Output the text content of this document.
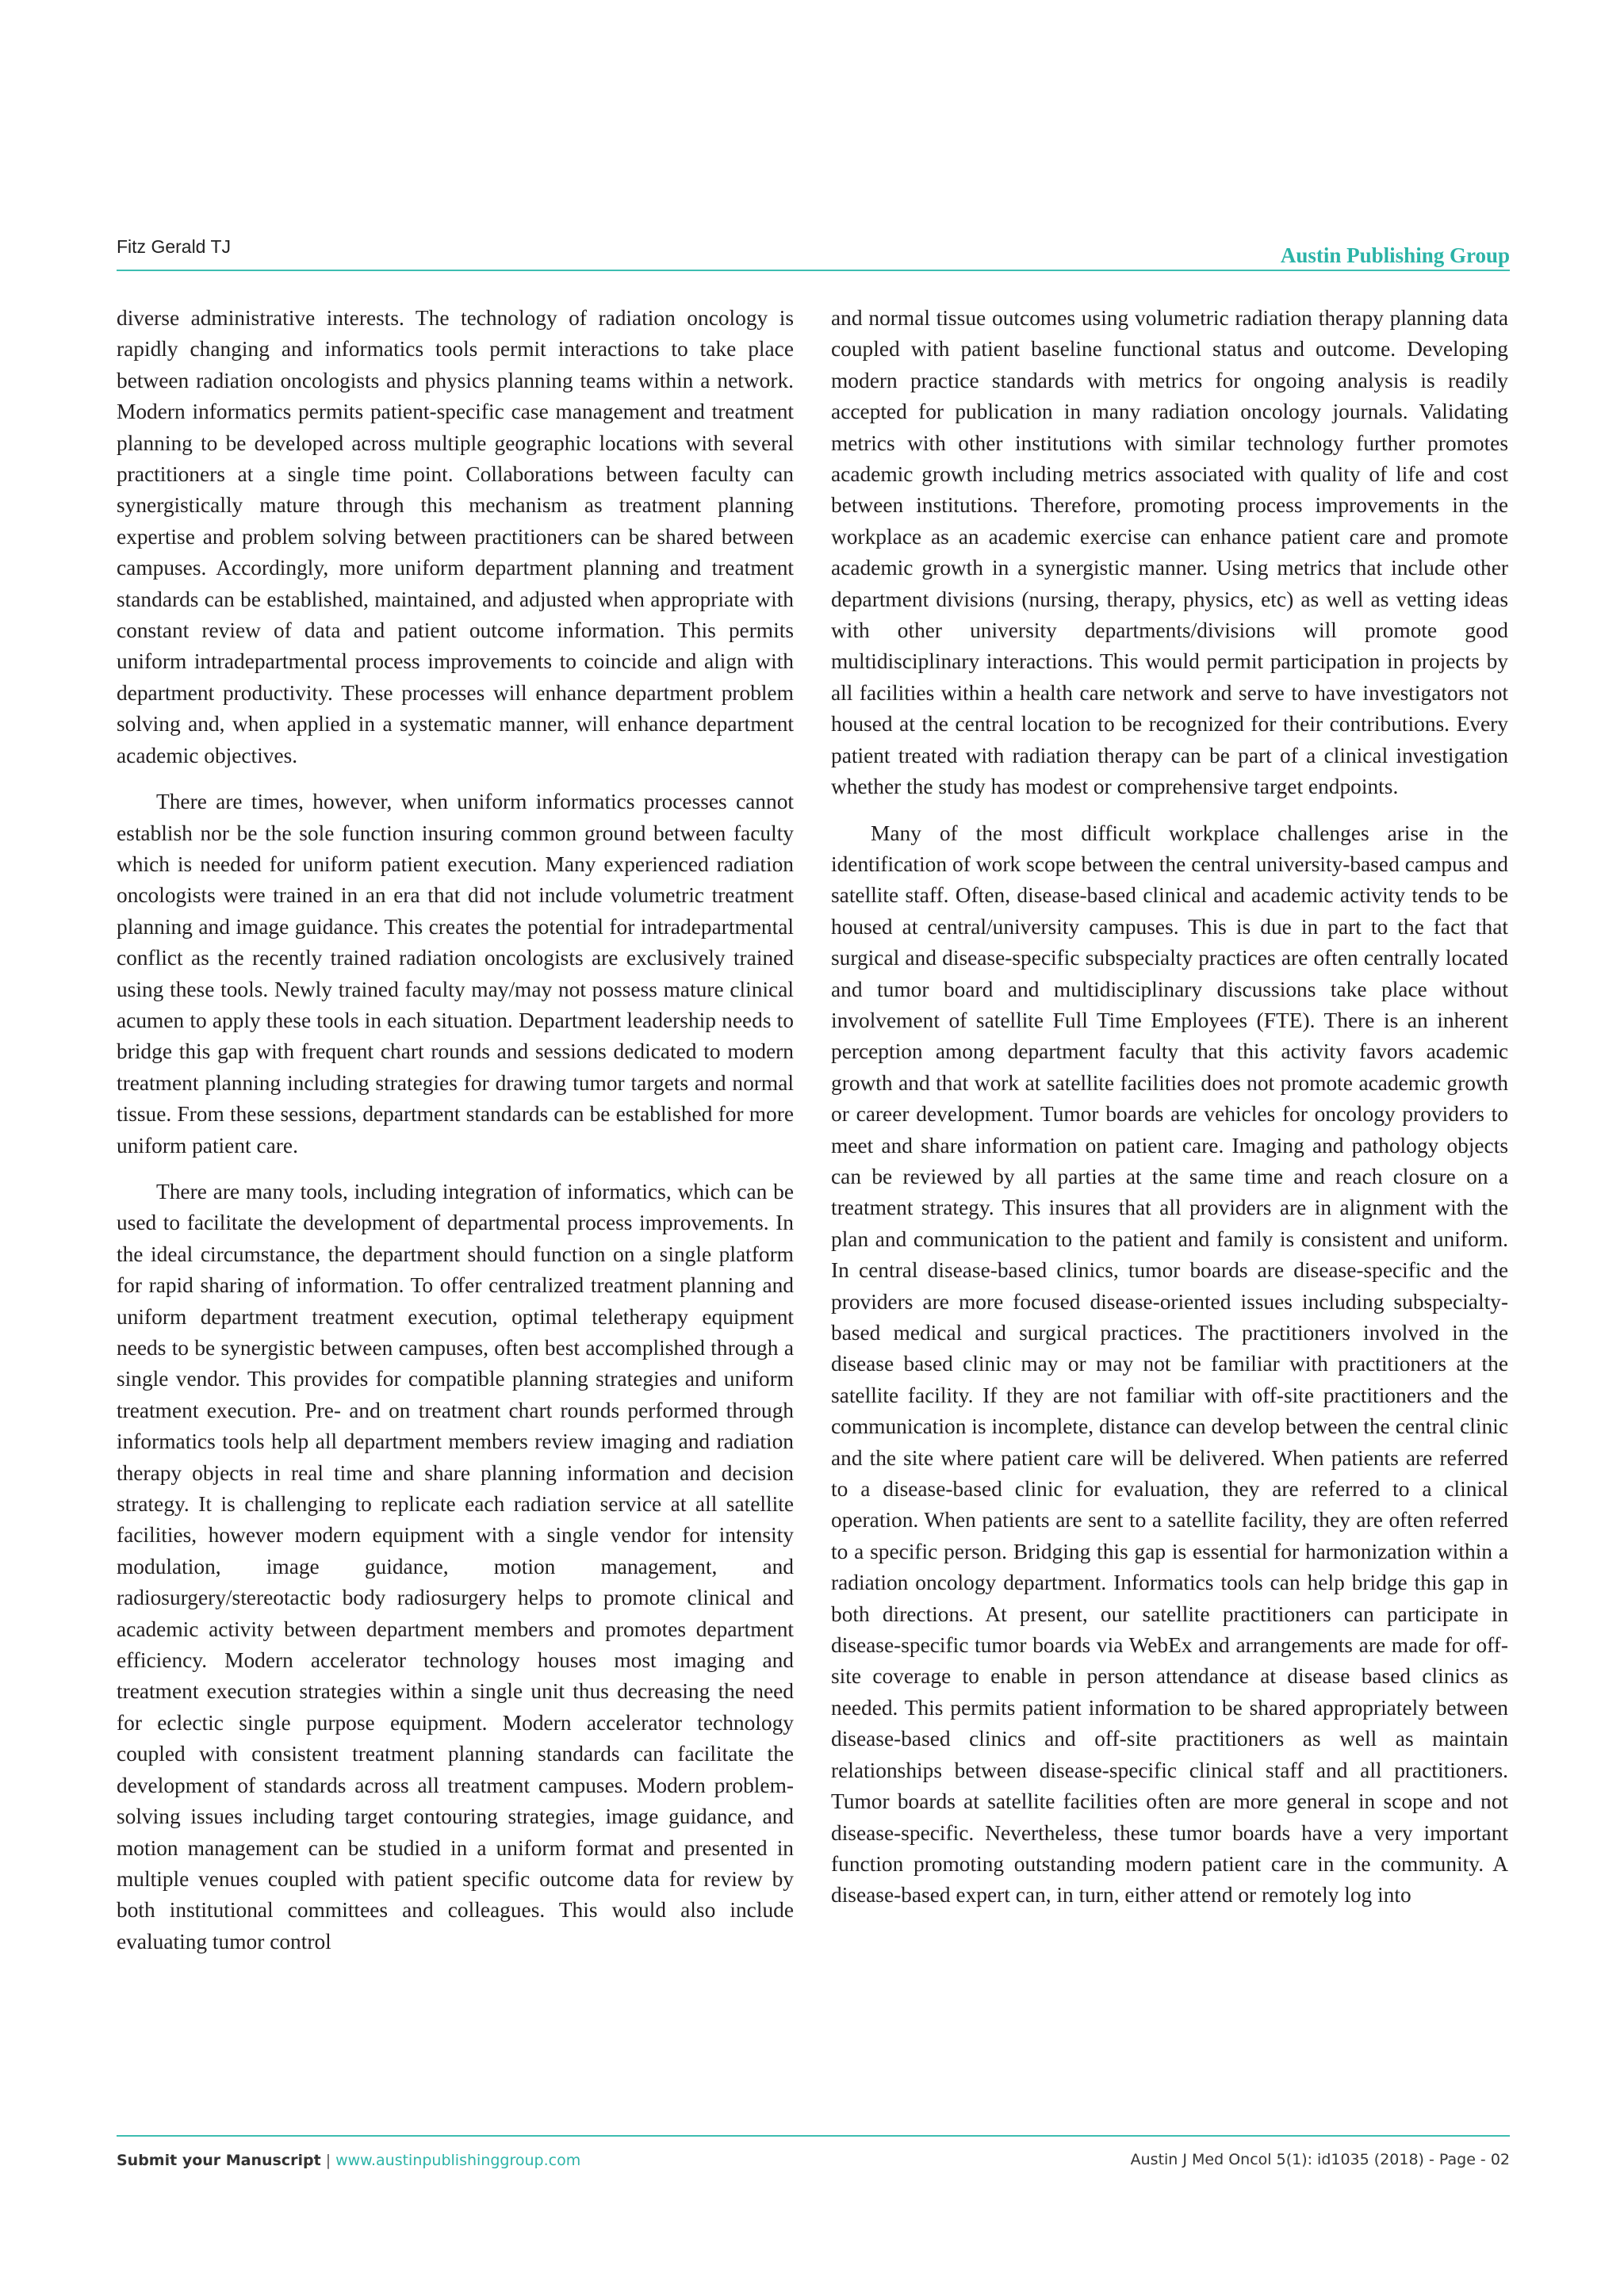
Fitz Gerald TJ	Austin Publishing Group

diverse administrative interests. The technology of radiation oncology is rapidly changing and informatics tools permit interactions to take place between radiation oncologists and physics planning teams within a network. Modern informatics permits patient-specific case management and treatment planning to be developed across multiple geographic locations with several practitioners at a single time point. Collaborations between faculty can synergistically mature through this mechanism as treatment planning expertise and problem solving between practitioners can be shared between campuses. Accordingly, more uniform department planning and treatment standards can be established, maintained, and adjusted when appropriate with constant review of data and patient outcome information. This permits uniform intradepartmental process improvements to coincide and align with department productivity. These processes will enhance department problem solving and, when applied in a systematic manner, will enhance department academic objectives.

There are times, however, when uniform informatics processes cannot establish nor be the sole function insuring common ground between faculty which is needed for uniform patient execution. Many experienced radiation oncologists were trained in an era that did not include volumetric treatment planning and image guidance. This creates the potential for intradepartmental conflict as the recently trained radiation oncologists are exclusively trained using these tools. Newly trained faculty may/may not possess mature clinical acumen to apply these tools in each situation. Department leadership needs to bridge this gap with frequent chart rounds and sessions dedicated to modern treatment planning including strategies for drawing tumor targets and normal tissue. From these sessions, department standards can be established for more uniform patient care.

There are many tools, including integration of informatics, which can be used to facilitate the development of departmental process improvements. In the ideal circumstance, the department should function on a single platform for rapid sharing of information. To offer centralized treatment planning and uniform department treatment execution, optimal teletherapy equipment needs to be synergistic between campuses, often best accomplished through a single vendor. This provides for compatible planning strategies and uniform treatment execution. Pre- and on treatment chart rounds performed through informatics tools help all department members review imaging and radiation therapy objects in real time and share planning information and decision strategy. It is challenging to replicate each radiation service at all satellite facilities, however modern equipment with a single vendor for intensity modulation, image guidance, motion management, and radiosurgery/stereotactic body radiosurgery helps to promote clinical and academic activity between department members and promotes department efficiency. Modern accelerator technology houses most imaging and treatment execution strategies within a single unit thus decreasing the need for eclectic single purpose equipment. Modern accelerator technology coupled with consistent treatment planning standards can facilitate the development of standards across all treatment campuses. Modern problem-solving issues including target contouring strategies, image guidance, and motion management can be studied in a uniform format and presented in multiple venues coupled with patient specific outcome data for review by both institutional committees and colleagues. This would also include evaluating tumor control

and normal tissue outcomes using volumetric radiation therapy planning data coupled with patient baseline functional status and outcome. Developing modern practice standards with metrics for ongoing analysis is readily accepted for publication in many radiation oncology journals. Validating metrics with other institutions with similar technology further promotes academic growth including metrics associated with quality of life and cost between institutions. Therefore, promoting process improvements in the workplace as an academic exercise can enhance patient care and promote academic growth in a synergistic manner. Using metrics that include other department divisions (nursing, therapy, physics, etc) as well as vetting ideas with other university departments/divisions will promote good multidisciplinary interactions. This would permit participation in projects by all facilities within a health care network and serve to have investigators not housed at the central location to be recognized for their contributions. Every patient treated with radiation therapy can be part of a clinical investigation whether the study has modest or comprehensive target endpoints.

Many of the most difficult workplace challenges arise in the identification of work scope between the central university-based campus and satellite staff. Often, disease-based clinical and academic activity tends to be housed at central/university campuses. This is due in part to the fact that surgical and disease-specific subspecialty practices are often centrally located and tumor board and multidisciplinary discussions take place without involvement of satellite Full Time Employees (FTE). There is an inherent perception among department faculty that this activity favors academic growth and that work at satellite facilities does not promote academic growth or career development. Tumor boards are vehicles for oncology providers to meet and share information on patient care. Imaging and pathology objects can be reviewed by all parties at the same time and reach closure on a treatment strategy. This insures that all providers are in alignment with the plan and communication to the patient and family is consistent and uniform. In central disease-based clinics, tumor boards are disease-specific and the providers are more focused disease-oriented issues including subspecialty-based medical and surgical practices. The practitioners involved in the disease based clinic may or may not be familiar with practitioners at the satellite facility. If they are not familiar with off-site practitioners and the communication is incomplete, distance can develop between the central clinic and the site where patient care will be delivered. When patients are referred to a disease-based clinic for evaluation, they are referred to a clinical operation. When patients are sent to a satellite facility, they are often referred to a specific person. Bridging this gap is essential for harmonization within a radiation oncology department. Informatics tools can help bridge this gap in both directions. At present, our satellite practitioners can participate in disease-specific tumor boards via WebEx and arrangements are made for off-site coverage to enable in person attendance at disease based clinics as needed. This permits patient information to be shared appropriately between disease-based clinics and off-site practitioners as well as maintain relationships between disease-specific clinical staff and all practitioners. Tumor boards at satellite facilities often are more general in scope and not disease-specific. Nevertheless, these tumor boards have a very important function promoting outstanding modern patient care in the community. A disease-based expert can, in turn, either attend or remotely log into

Submit your Manuscript | www.austinpublishinggroup.com	Austin J Med Oncol 5(1): id1035 (2018) - Page - 02
